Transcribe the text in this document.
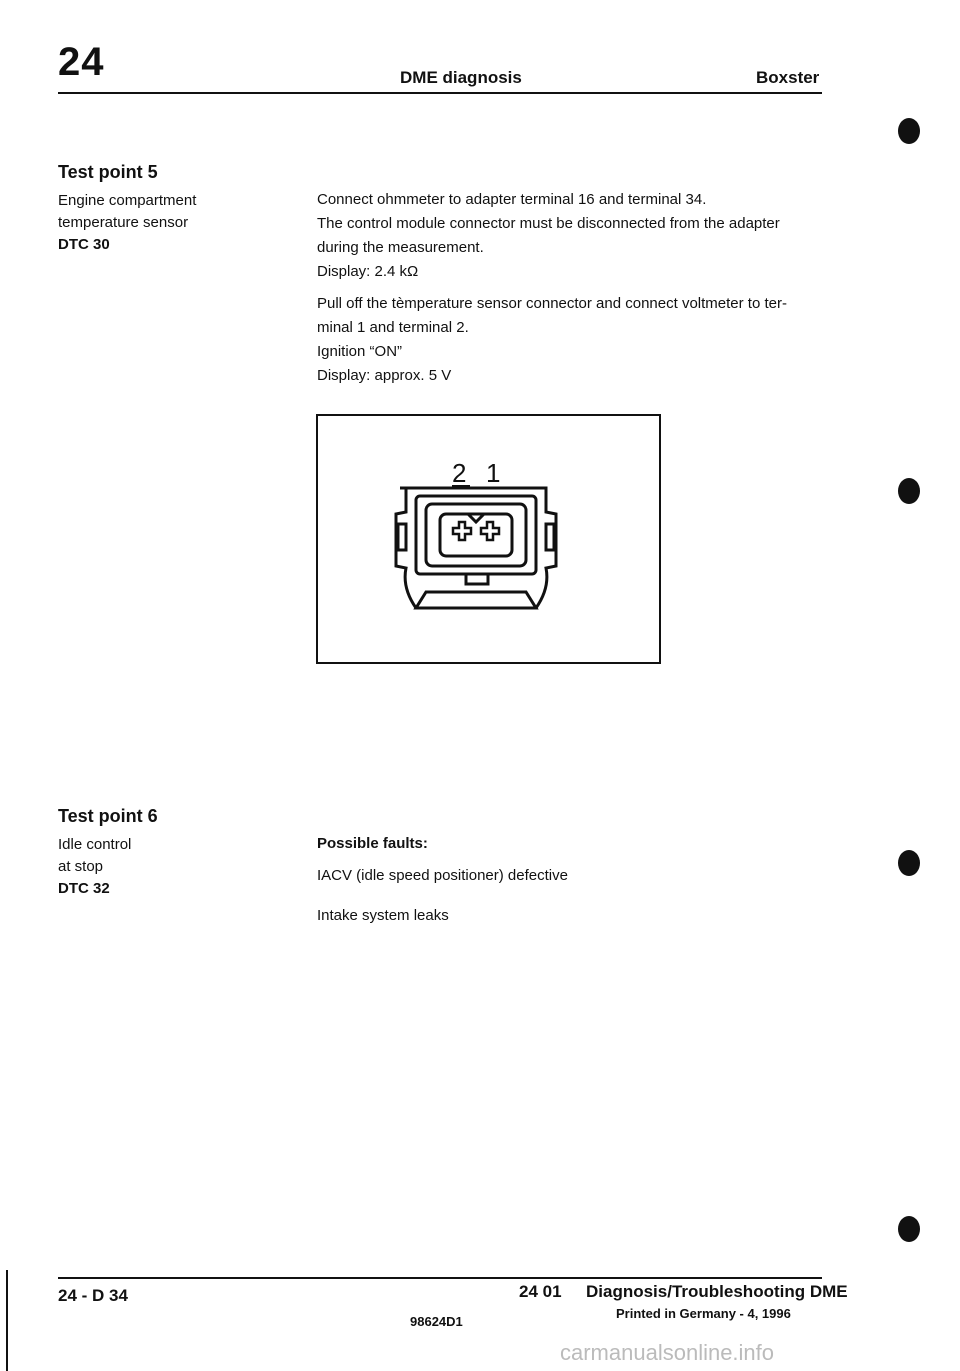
24	DME diagnosis	Boxster
Test point 5
Engine compartment
temperature sensor
DTC 30

Connect ohmmeter to adapter terminal 16 and terminal 34.

The control module connector must be disconnected from the adapter

during the measurement.

Display: 2.4 kΩ

Pull off the tèmperature sensor connector and connect voltmeter to ter-

minal 1 and terminal 2.

Ignition “ON”

Display: approx. 5 V

2 1
Test point 6
Idle control
at stop
DTC 32
Possible faults:
IACV (idle speed positioner) defective
Intake system leaks
24 - D 34	24 01 Diagnosis/Troubleshooting DME
98624D1
Printed in Germany - 4, 1996
carmanualsonline.info
